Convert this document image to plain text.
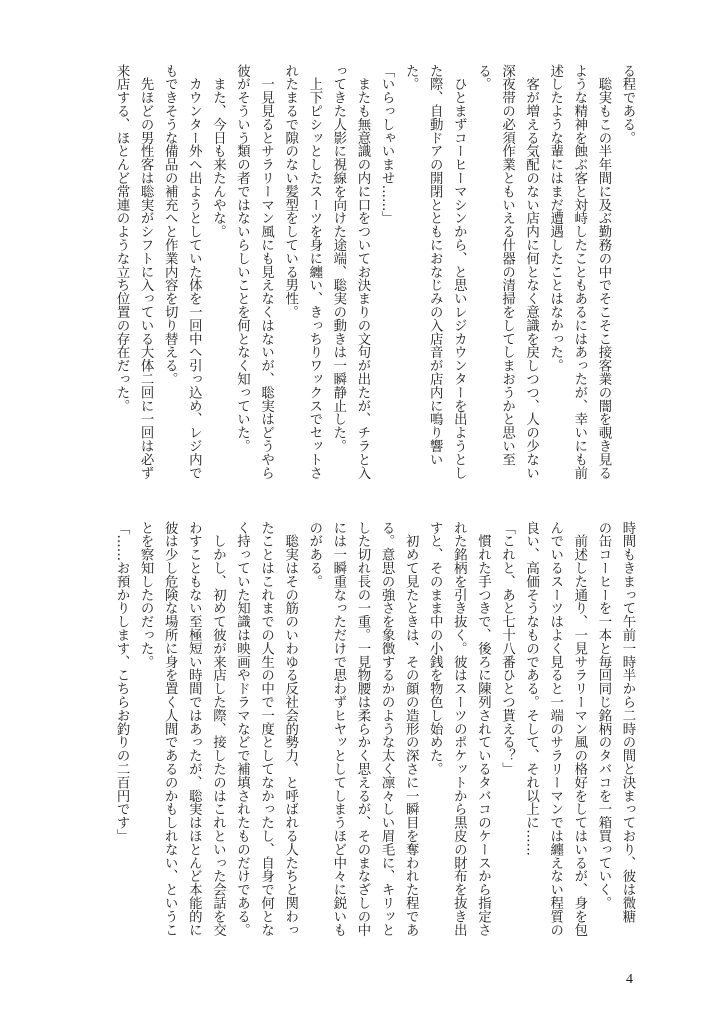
る程である。
　聡実もこの半年間に及ぶ勤務の中でそこそこ接客業の闇を覗き見る
ような精神を蝕ぶ客と対峙したこともあるにはあったが、幸いにも前
述したような輩にはまだ遭遇したことはなかった。
　客が増える気配のない店内に何となく意識を戻しつつ、人の少ない
深夜帯の必須作業ともいえる什器の清掃をしてしまおうかと思い至
る。
　ひとまずコーヒーマシンから、と思いレジカウンターを出ようとし
た際、自動ドアの開閉とともにおなじみの入店音が店内に鳴り響い
た。
「いらっしゃいませ……」
　またも無意識の内に口をついてお決まりの文句が出たが、チラと入
ってきた人影に視線を向けた途端、聡実の動きは一瞬静止した。
　上下ピシッとしたスーツを身に纏い、きっちりワックスでセットさ
れたまるで隙のない髪型をしている男性。
　一見見るとサラリーマン風にも見えなくはないが、聡実はどうやら
彼がそういう類の者ではないらしいことを何となく知っていた。
　また、今日も来たんやな。
　カウンター外へ出ようとしていた体を一回中へ引っ込め、レジ内で
もできそうな備品の補充へと作業内容を切り替える。
　先ほどの男性客は聡実がシフトに入っている大体二回に一回は必ず
来店する、ほとんど常連のような立ち位置の存在だった。
時間もきまって午前一時半から二時の間と決まっており、彼は微糖
の缶コーヒーを一本と毎回同じ銘柄のタバコを一箱買っていく。
　前述した通り、一見サラリーマン風の格好をしてはいるが、身を包
んでいるスーツはよく見ると一端のサラリーマンでは纏えない程質の
良い、高価そうなものである。そして、それ以上に……
「これと、あと七十八番ひとつ貰える？」
　慣れた手つきで、後ろに陳列されているタバコのケースから指定さ
れた銘柄を引き抜く。彼はスーツのポケットから黒皮の財布を抜き出
すと、そのまま中の小銭を物色し始めた。
　初めて見たときは、その顔の造形の深さに一瞬目を奪われた程であ
る。意思の強さを象徴するかのような太く凛々しい眉毛に、キリッと
した切れ長の一重。一見物腰は柔らかく思えるが、そのまなざしの中
には一瞬重なっただけで思わずヒヤッとしてしまうほど中々に鋭いも
のがある。
　聡実はその筋のいわゆる反社会的勢力、と呼ばれる人たちと関わっ
たことはこれまでの人生の中で一度としてなかったし、自身で何とな
く持っていた知識は映画やドラマなどで補填されたものだけである。
　しかし、初めて彼が来店した際、接したのはこれといった会話を交
わすこともない至極短い時間ではあったが、聡実はほとんど本能的に
彼は少し危険な場所に身を置く人間であるのかもしれない、というこ
とを察知したのだった。
「……お預かりします、こちらお釣りの二百円です」
4
